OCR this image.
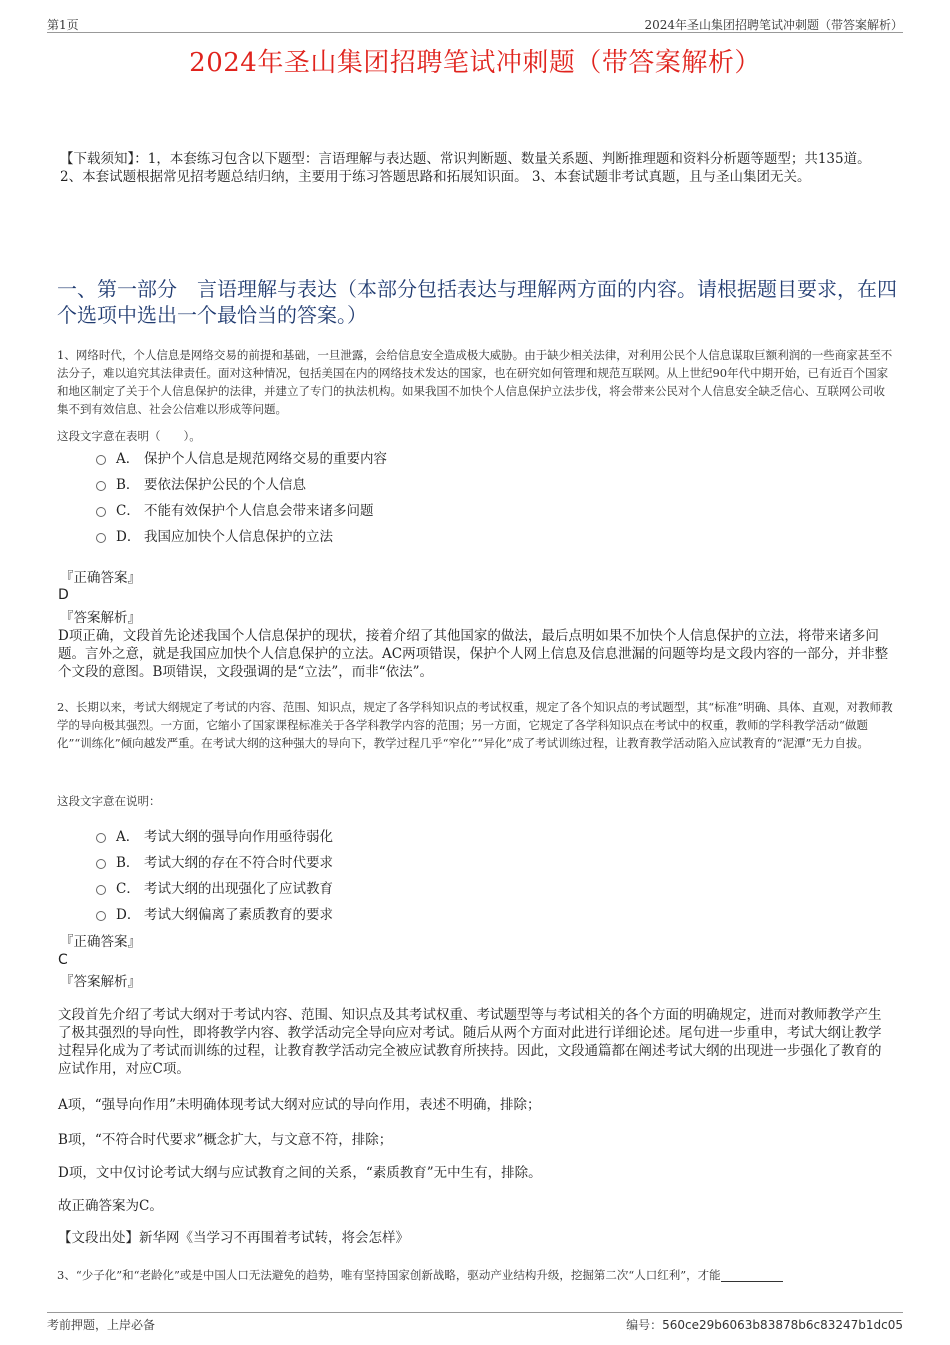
第1页	2024年圣山集团招聘笔试冲刺题（带答案解析）
2024年圣山集团招聘笔试冲刺题（带答案解析）
【下载须知】：1，本套练习包含以下题型：言语理解与表达题、常识判断题、数量关系题、判断推理题和资料分析题等题型；共135道。 2、本套试题根据常见招考题总结归纳，主要用于练习答题思路和拓展知识面。 3、本套试题非考试真题，且与圣山集团无关。
一、第一部分　言语理解与表达（本部分包括表达与理解两方面的内容。请根据题目要求，在四个选项中选出一个最恰当的答案。）
1、网络时代，个人信息是网络交易的前提和基础，一旦泄露，会给信息安全造成极大威胁。由于缺少相关法律，对利用公民个人信息谋取巨额利润的一些商家甚至不法分子，难以追究其法律责任。面对这种情况，包括美国在内的网络技术发达的国家，也在研究如何管理和规范互联网。从上世纪90年代中期开始，已有近百个国家和地区制定了关于个人信息保护的法律，并建立了专门的执法机构。如果我国不加快个人信息保护立法步伐，将会带来公民对个人信息安全缺乏信心、互联网公司收集不到有效信息、社会公信难以形成等问题。
这段文字意在表明（　　）。
A． 保护个人信息是规范网络交易的重要内容
B． 要依法保护公民的个人信息
C． 不能有效保护个人信息会带来诸多问题
D． 我国应加快个人信息保护的立法
『正确答案』
D
『答案解析』
D项正确，文段首先论述我国个人信息保护的现状，接着介绍了其他国家的做法，最后点明如果不加快个人信息保护的立法，将带来诸多问题。言外之意，就是我国应加快个人信息保护的立法。AC两项错误，保护个人网上信息及信息泄漏的问题等均是文段内容的一部分，并非整个文段的意图。B项错误，文段强调的是“立法”，而非“依法”。
2、长期以来，考试大纲规定了考试的内容、范围、知识点，规定了各学科知识点的考试权重，规定了各个知识点的考试题型，其“标准”明确、具体、直观，对教师教学的导向极其强烈。一方面，它缩小了国家课程标准关于各学科教学内容的范围；另一方面，它规定了各学科知识点在考试中的权重，教师的学科教学活动“做题化”“训练化”倾向越发严重。在考试大纲的这种强大的导向下，教学过程几乎“窄化”“异化”成了考试训练过程，让教育教学活动陷入应试教育的“泥潭”无力自拔。
这段文字意在说明：
A． 考试大纲的强导向作用亟待弱化
B． 考试大纲的存在不符合时代要求
C． 考试大纲的出现强化了应试教育
D． 考试大纲偏离了素质教育的要求
『正确答案』
C
『答案解析』
文段首先介绍了考试大纲对于考试内容、范围、知识点及其考试权重、考试题型等与考试相关的各个方面的明确规定，进而对教师教学产生了极其强烈的导向性，即将教学内容、教学活动完全导向应对考试。随后从两个方面对此进行详细论述。尾句进一步重申，考试大纲让教学过程异化成为了考试而训练的过程，让教育教学活动完全被应试教育所挟持。因此，文段通篇都在阐述考试大纲的出现进一步强化了教育的应试作用，对应C项。
A项，“强导向作用”未明确体现考试大纲对应试的导向作用，表述不明确，排除；
B项，“不符合时代要求”概念扩大，与文意不符，排除；
D项，文中仅讨论考试大纲与应试教育之间的关系，“素质教育”无中生有，排除。
故正确答案为C。
【文段出处】新华网《当学习不再围着考试转，将会怎样》
3、“少子化”和“老龄化”或是中国人口无法避免的趋势，唯有坚持国家创新战略，驱动产业结构升级，挖掘第二次“人口红利”，才能
考前押题，上岸必备	编号：560ce29b6063b83878b6c83247b1dc05
